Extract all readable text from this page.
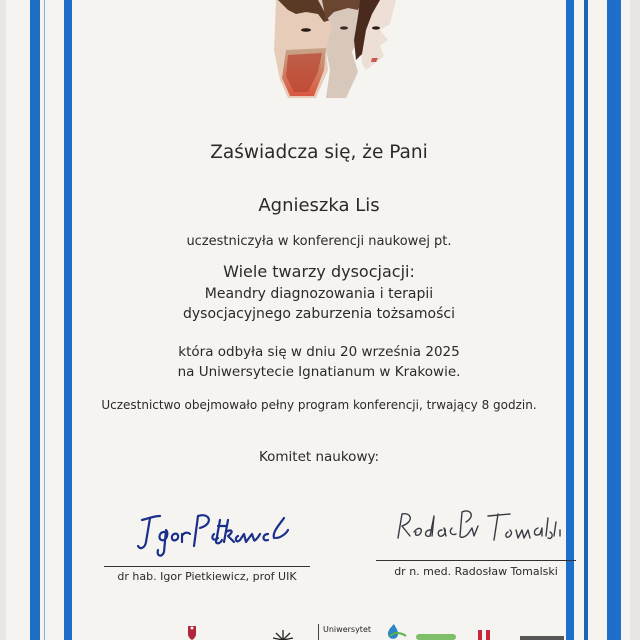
Zaświadcza się, że Pani
Agnieszka Lis
uczestniczyła w konferencji naukowej pt.
Wiele twarzy dysocjacji:
Meandry diagnozowania i terapii
dysocjacyjnego zaburzenia tożsamości
która odbyła się w dniu 20 września 2025
na Uniwersytecie Ignatianum w Krakowie.
Uczestnictwo obejmowało pełny program konferencji, trwający 8 godzin.
Komitet naukowy:
dr hab. Igor Pietkiewicz, prof UIK	dr n. med. Radosław Tomalski
Uniwersytet
